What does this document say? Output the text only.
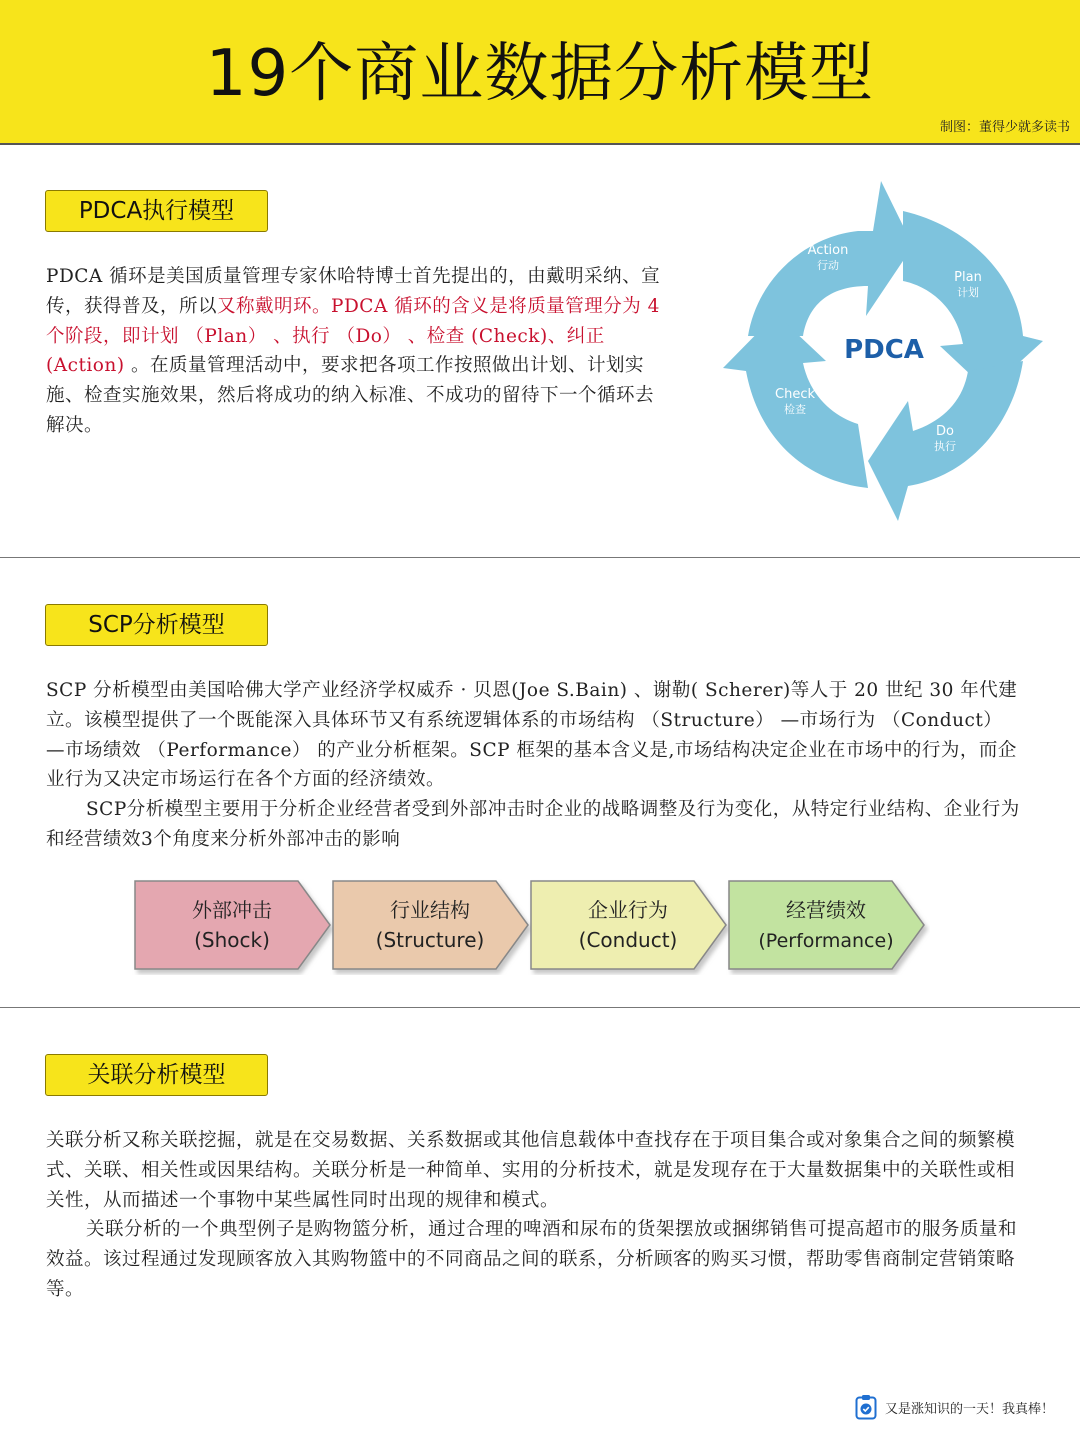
19个商业数据分析模型
制图：董得少就多读书
PDCA执行模型

PDCA 循环是美国质量管理专家休哈特博士首先提出的，由戴明采纳、宣传，获得普及，所以又称戴明环。PDCA 循环的含义是将质量管理分为 4 个阶段，即计划 （Plan） 、执行 （Do） 、检查 (Check)、纠正 (Action) 。在质量管理活动中，要求把各项工作按照做出计划、计划实施、检查实施效果，然后将成功的纳入标准、不成功的留待下一个循环去解决。

PDCA
Action
行动
Plan
计划
Check
检查
Do
执行
SCP分析模型

SCP 分析模型由美国哈佛大学产业经济学权威乔 · 贝恩(Joe S.Bain) 、谢勒( Scherer)等人于 20 世纪 30 年代建立。该模型提供了一个既能深入具体环节又有系统逻辑体系的市场结构 （Structure） —市场行为 （Conduct） —市场绩效 （Performance） 的产业分析框架。SCP 框架的基本含义是,市场结构决定企业在市场中的行为，而企业行为又决定市场运行在各个方面的经济绩效。

SCP分析模型主要用于分析企业经营者受到外部冲击时企业的战略调整及行为变化，从特定行业结构、企业行为和经营绩效3个角度来分析外部冲击的影响

外部冲击
(Shock)
行业结构
(Structure)
企业行为
(Conduct)
经营绩效
(Performance)
关联分析模型

关联分析又称关联挖掘，就是在交易数据、关系数据或其他信息载体中查找存在于项目集合或对象集合之间的频繁模式、关联、相关性或因果结构。关联分析是一种简单、实用的分析技术，就是发现存在于大量数据集中的关联性或相关性，从而描述一个事物中某些属性同时出现的规律和模式。

关联分析的一个典型例子是购物篮分析，通过合理的啤酒和尿布的货架摆放或捆绑销售可提高超市的服务质量和效益。该过程通过发现顾客放入其购物篮中的不同商品之间的联系，分析顾客的购买习惯，帮助零售商制定营销策略等。

又是涨知识的一天！我真棒！
